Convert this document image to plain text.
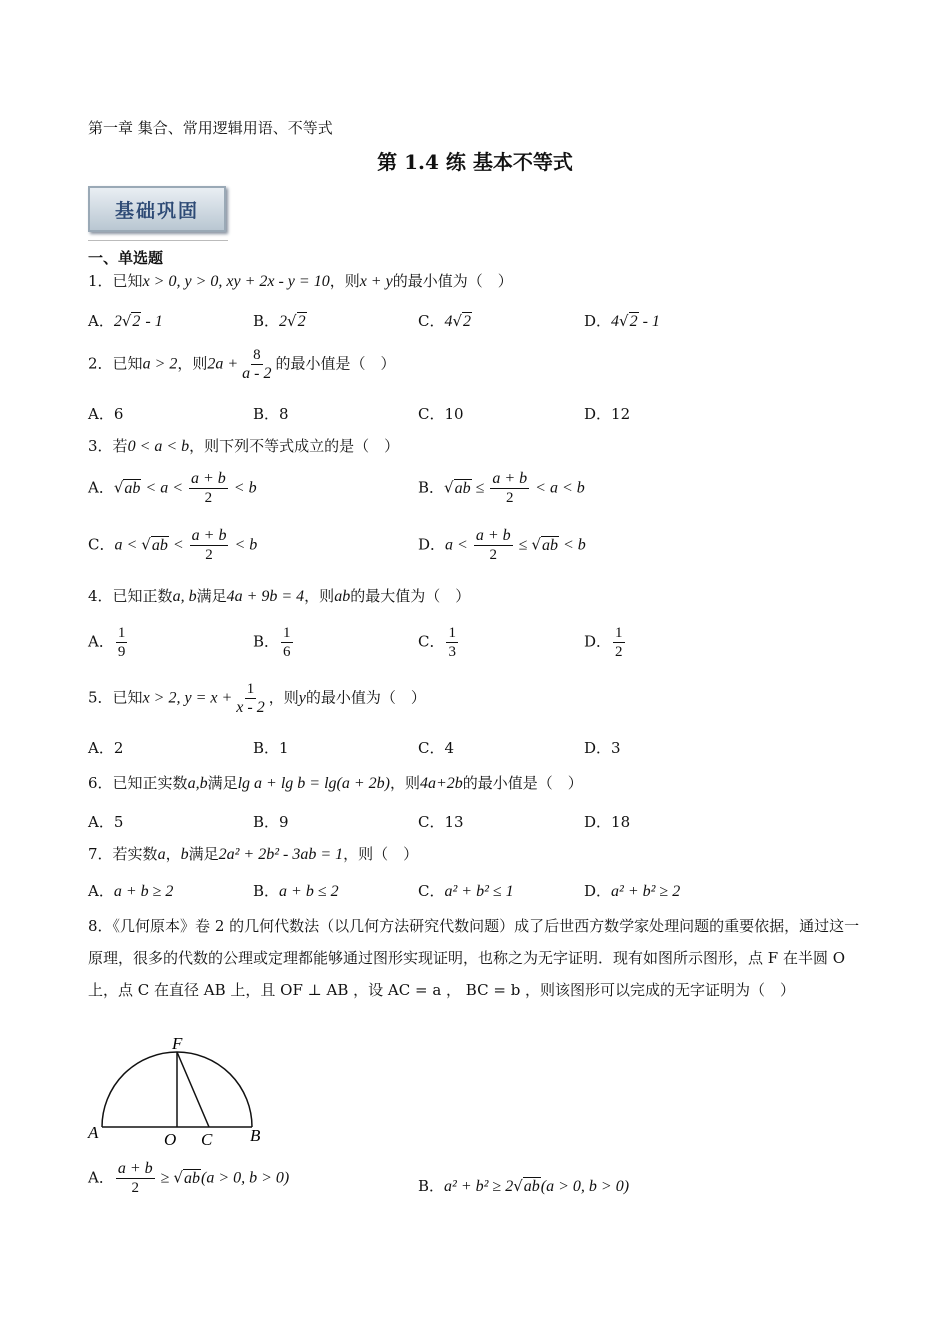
第一章 集合、常用逻辑用语、不等式
第 1.4 练 基本不等式
基础巩固
一、单选题
1．已知x > 0, y > 0, xy + 2x - y = 10，则x + y的最小值为（　）
A．2√2 - 1	B．2√2	C．4√2	D．4√2 - 1
2．已知a > 2，则$2a + \frac{8}{a - 2}$ 的最小值是（　）
A．6	B．8	C．10	D．12
3．若0 < a < b，则下列不等式成立的是（　）
A．$√ab < a < \frac{a + b}{2} < b$	B．$√ab \le \frac{a + b}{2} < a < b$
C．$a < √ab < \frac{a + b}{2} < b$	D．$a < \frac{a + b}{2} \le √ab < b$
4．已知正数a, b满足4a + 9b = 4，则ab的最大值为（　）
A． $\frac{1}{9}$	B． $\frac{1}{6}$	C． $\frac{1}{3}$	D． $\frac{1}{2}$
5．已知x > 2, $y = x + \frac{1}{x - 2}$ ，则y的最小值为（　）
A．2	B．1	C．4	D．3
6．已知正实数a,b满足lg a + lg b = lg(a + 2b)，则4a+2b的最小值是（　）
A．5	B．9	C．13	D．18
7．若实数a，b满足2a² + 2b² - 3ab = 1，则（　）
A．a + b ≥ 2	B．a + b ≤ 2	C．a² + b² ≤ 1	D．a² + b² ≥ 2
8．《几何原本》卷 2 的几何代数法（以几何方法研究代数问题）成了后世西方数学家处理问题的重要依据，通过这一原理，很多的代数的公理或定理都能够通过图形实现证明，也称之为无字证明．现有如图所示图形，点 F 在半圆 O 上，点 C 在直径 AB 上，且 OF ⊥ AB ，设 AC = a ， BC = b ，则该图形可以完成的无字证明为（　）
F
A	O C B
A． $\frac{a + b}{2} \ge √ab(a > 0$, b > 0)	B．a² + b² ≥ 2√ab(a > 0, b > 0)
